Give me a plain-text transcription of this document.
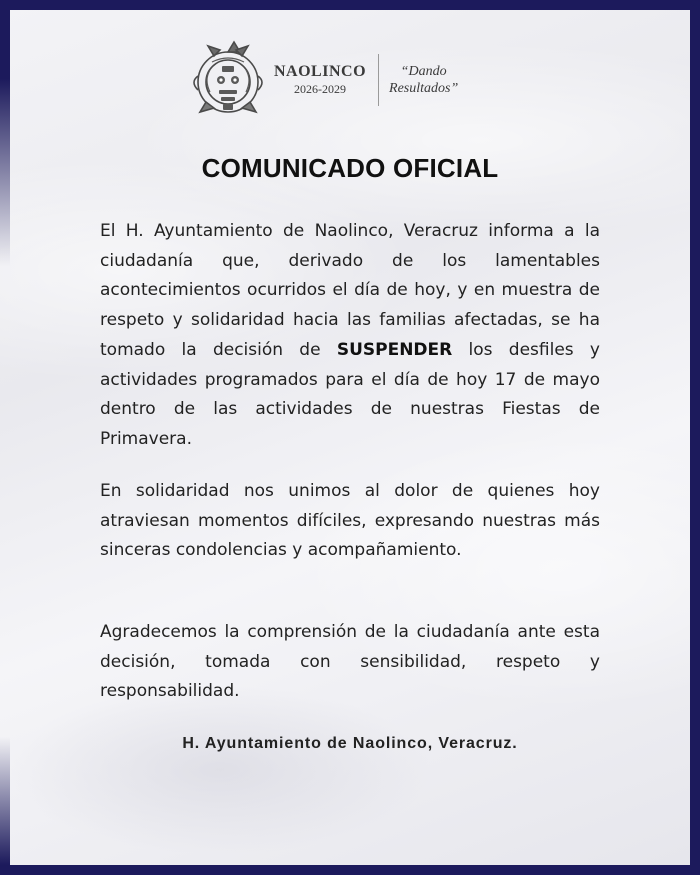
NAOLINCO
2026-2029
“Dando
Resultados”
COMUNICADO OFICIAL

El H. Ayuntamiento de Naolinco, Veracruz informa a la ciudadanía que, derivado de los lamentables acontecimientos ocurridos el día de hoy, y en muestra de respeto y solidaridad hacia las familias afectadas, se ha tomado la decisión de SUSPENDER los desfiles y actividades programados para el día de hoy 17 de mayo dentro de las actividades de nuestras Fiestas de Primavera.

En solidaridad nos unimos al dolor de quienes hoy atraviesan momentos difíciles, expresando nuestras más sinceras condolencias y acompañamiento.

Agradecemos la comprensión de la ciudadanía ante esta decisión, tomada con sensibilidad, respeto y responsabilidad.

H. Ayuntamiento de Naolinco, Veracruz.
